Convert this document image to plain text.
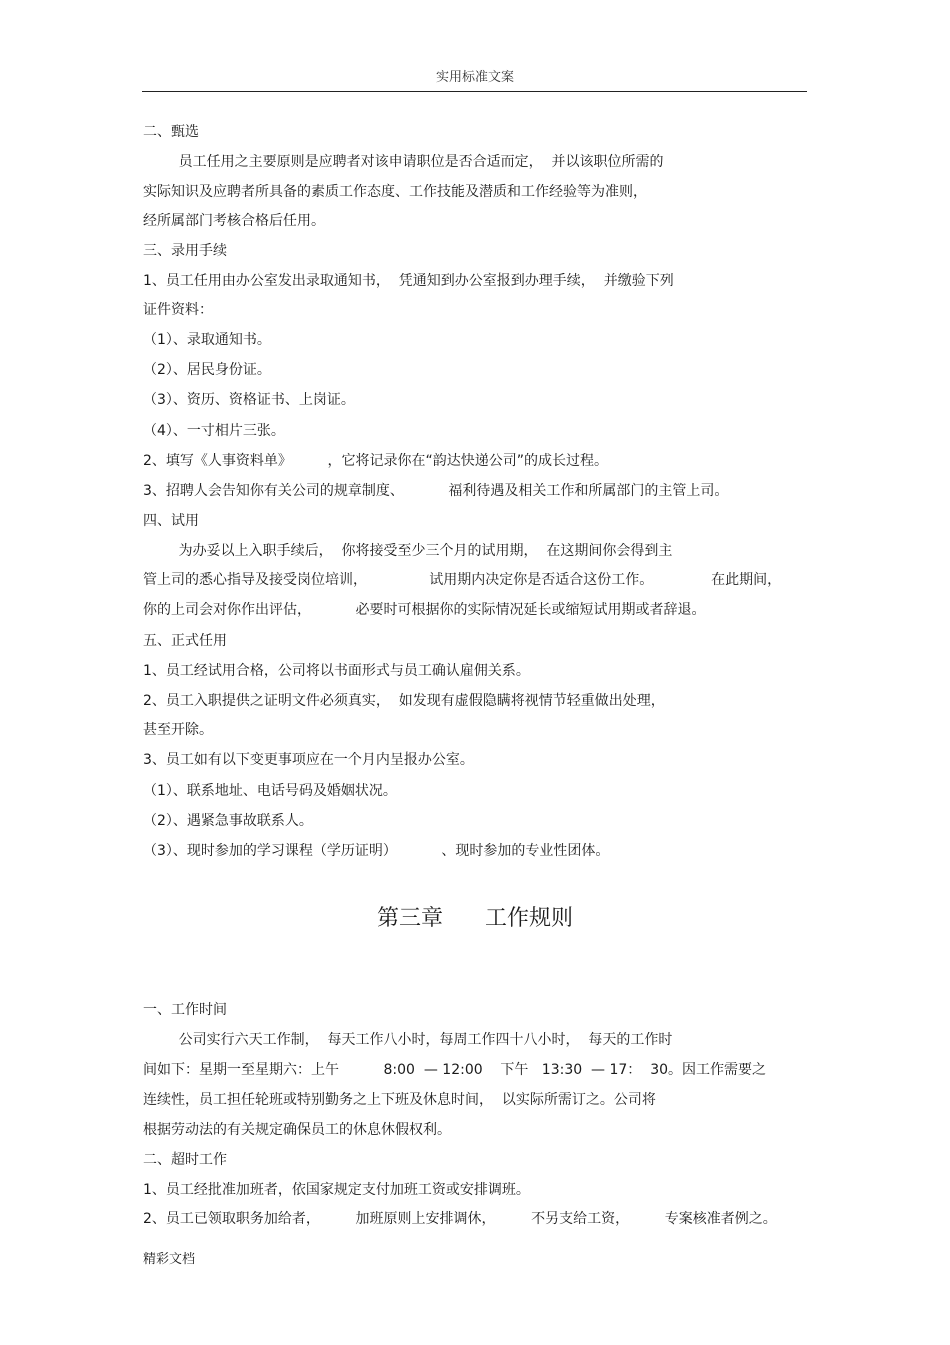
实用标准文案
二、甄选
员工任用之主要原则是应聘者对该申请职位是否合适而定，  并以该职位所需的
实际知识及应聘者所具备的素质工作态度、工作技能及潜质和工作经验等为准则，
经所属部门考核合格后任用。
三、录用手续
1、员工任用由办公室发出录取通知书，  凭通知到办公室报到办理手续，  并缴验下列
证件资料：
（1）、录取通知书。
（2）、居民身份证。
（3）、资历、资格证书、上岗证。
（4）、一寸相片三张。
2、填写《人事资料单》        ，它将记录你在“韵达快递公司”的成长过程。
3、招聘人会告知你有关公司的规章制度、          福利待遇及相关工作和所属部门的主管上司。
四、试用
为办妥以上入职手续后，  你将接受至少三个月的试用期，  在这期间你会得到主
管上司的悉心指导及接受岗位培训，              试用期内决定你是否适合这份工作。             在此期间，
你的上司会对你作出评估，          必要时可根据你的实际情况延长或缩短试用期或者辞退。
五、正式任用
1、员工经试用合格，公司将以书面形式与员工确认雇佣关系。
2、员工入职提供之证明文件必须真实，  如发现有虚假隐瞒将视情节轻重做出处理，
甚至开除。
3、员工如有以下变更事项应在一个月内呈报办公室。
（1）、联系地址、电话号码及婚姻状况。
（2）、遇紧急事故联系人。
（3）、现时参加的学习课程（学历证明）          、现时参加的专业性团体。
第三章      工作规则
一、工作时间
公司实行六天工作制，  每天工作八小时，每周工作四十八小时，  每天的工作时
间如下：星期一至星期六：上午          8:00  — 12:00    下午   13:30  — 17：  30。因工作需要之
连续性，员工担任轮班或特别勤务之上下班及休息时间，  以实际所需订之。公司将
根据劳动法的有关规定确保员工的休息休假权利。
二、超时工作
1、员工经批准加班者，依国家规定支付加班工资或安排调班。
2、员工已领取职务加给者，        加班原则上安排调休，        不另支给工资，        专案核准者例之。
精彩文档
